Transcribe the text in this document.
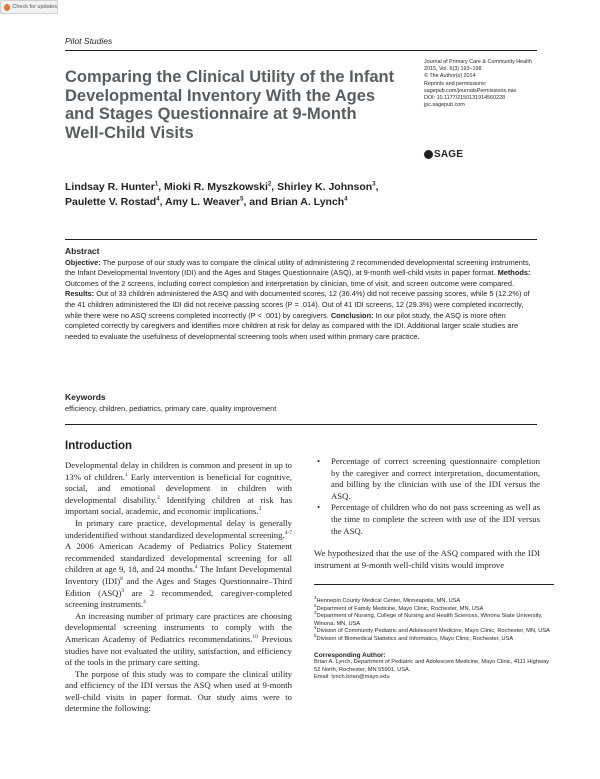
Check for updates
Pilot Studies
Comparing the Clinical Utility of the Infant Developmental Inventory With the Ages and Stages Questionnaire at 9-Month Well-Child Visits
Journal of Primary Care & Community Health
2015, Vol. 6(3) 193–198
© The Author(s) 2014
Reprints and permissions:
sagepub.com/journalsPermissions.nav
DOI: 10.1177/2150131914560228
jpc.sagepub.com
SAGE
Lindsay R. Hunter$^1$, Mioki R. Myszkowski$^2$, Shirley K. Johnson$^3$,
Paulette V. Rostad$^4$, Amy L. Weaver$^5$, and Brian A. Lynch$^4$
Abstract

Objective: The purpose of our study was to compare the clinical utility of administering 2 recommended developmental screening instruments, the Infant Developmental Inventory (IDI) and the Ages and Stages Questionnaire (ASQ), at 9-month well-child visits in paper format. Methods: Outcomes of the 2 screens, including correct completion and interpretation by clinician, time of visit, and screen outcome were compared. Results: Out of 33 children administered the ASQ and with documented scores, 12 (36.4%) did not receive passing scores, while 5 (12.2%) of the 41 children administered the IDI did not receive passing scores (P = .014). Out of 41 IDI screens, 12 (29.3%) were completed incorrectly, while there were no ASQ screens completed incorrectly (P < .001) by caregivers. Conclusion: In our pilot study, the ASQ is more often completed correctly by caregivers and identifies more children at risk for delay as compared with the IDI. Additional larger scale studies are needed to evaluate the usefulness of developmental screening tools when used within primary care practice.

Keywords

efficiency, children, pediatrics, primary care, quality improvement

Introduction

Developmental delay in children is common and present in up to 13% of children.$^1$ Early intervention is beneficial for cognitive, social, and emotional development in children with developmental disability.$^2$ Identifying children at risk has important social, academic, and economic implications.$^3$

In primary care practice, developmental delay is generally underidentified without standardized developmental screening.$^{4-7}$ A 2006 American Academy of Pediatrics Policy Statement recommended standardized developmental screening for all children at age 9, 18, and 24 months.$^4$ The Infant Developmental Inventory (IDI)$^8$ and the Ages and Stages Questionnaire–Third Edition (ASQ)$^9$ are 2 recommended, caregiver-completed screening instruments.$^4$

An increasing number of primary care practices are choosing developmental screening instruments to comply with the American Academy of Pediatrics recommendations.$^{10}$ Previous studies have not evaluated the utility, satisfaction, and efficiency of the tools in the primary care setting.

The purpose of this study was to compare the clinical utility and efficiency of the IDI versus the ASQ when used at 9-month well-child visits in paper format. Our study aims were to determine the following:

• Percentage of correct screening questionnaire completion by the caregiver and correct interpretation, documentation, and billing by the clinician with use of the IDI versus the ASQ.
• Percentage of children who do not pass screening as well as the time to complete the screen with use of the IDI versus the ASQ.

We hypothesized that the use of the ASQ compared with the IDI instrument at 9-month well-child visits would improve

$^1$Hennepin County Medical Center, Minneapolis, MN, USA
$^2$Department of Family Medicine, Mayo Clinic, Rochester, MN, USA
$^3$Department of Nursing, College of Nursing and Health Sciences, Winona State University, Winona, MN, USA
$^4$Division of Community Pediatric and Adolescent Medicine, Mayo Clinic, Rochester, MN, USA
$^5$Division of Biomedical Statistics and Informatics, Mayo Clinic, Rochester, USA
Corresponding Author:
Brian A. Lynch, Department of Pediatric and Adolescent Medicine, Mayo Clinic, 4111 Highway 52 North, Rochester, MN 55901, USA.
Email: lynch.brian@mayo.edu
